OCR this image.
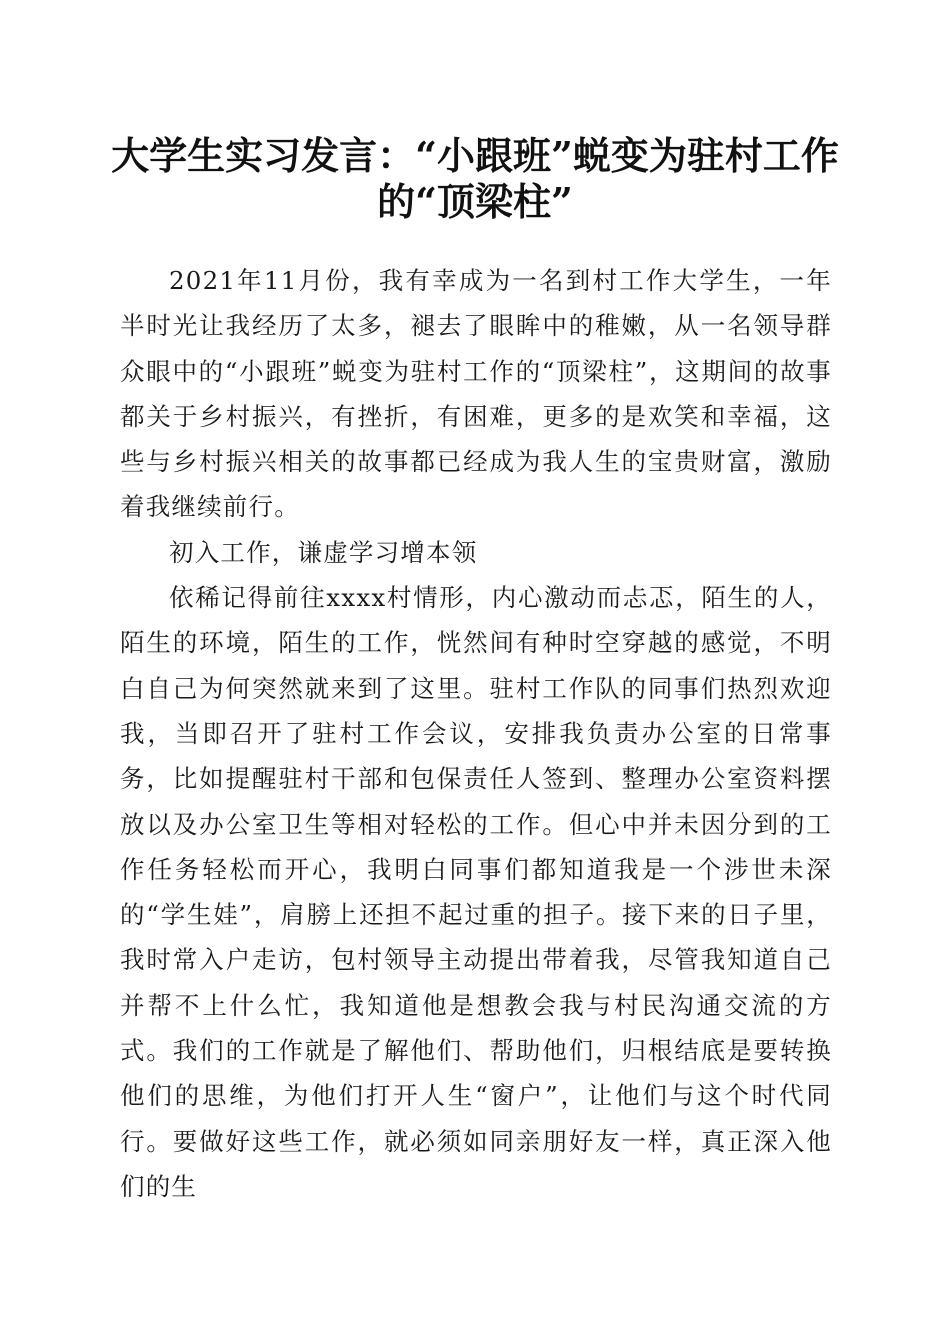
大学生实习发言：“小跟班”蜕变为驻村工作的“顶梁柱”

2021年11月份，我有幸成为一名到村工作大学生，一年半时光让我经历了太多，褪去了眼眸中的稚嫩，从一名领导群众眼中的“小跟班”蜕变为驻村工作的“顶梁柱”，这期间的故事都关于乡村振兴，有挫折，有困难，更多的是欢笑和幸福，这些与乡村振兴相关的故事都已经成为我人生的宝贵财富，激励着我继续前行。

初入工作，谦虚学习增本领

依稀记得前往xxxx村情形，内心激动而忐忑，陌生的人，陌生的环境，陌生的工作，恍然间有种时空穿越的感觉，不明白自己为何突然就来到了这里。驻村工作队的同事们热烈欢迎我，当即召开了驻村工作会议，安排我负责办公室的日常事务，比如提醒驻村干部和包保责任人签到、整理办公室资料摆放以及办公室卫生等相对轻松的工作。但心中并未因分到的工作任务轻松而开心，我明白同事们都知道我是一个涉世未深的“学生娃”，肩膀上还担不起过重的担子。接下来的日子里，我时常入户走访，包村领导主动提出带着我，尽管我知道自己并帮不上什么忙，我知道他是想教会我与村民沟通交流的方式。我们的工作就是了解他们、帮助他们，归根结底是要转换他们的思维，为他们打开人生“窗户”，让他们与这个时代同行。要做好这些工作，就必须如同亲朋好友一样，真正深入他们的生
